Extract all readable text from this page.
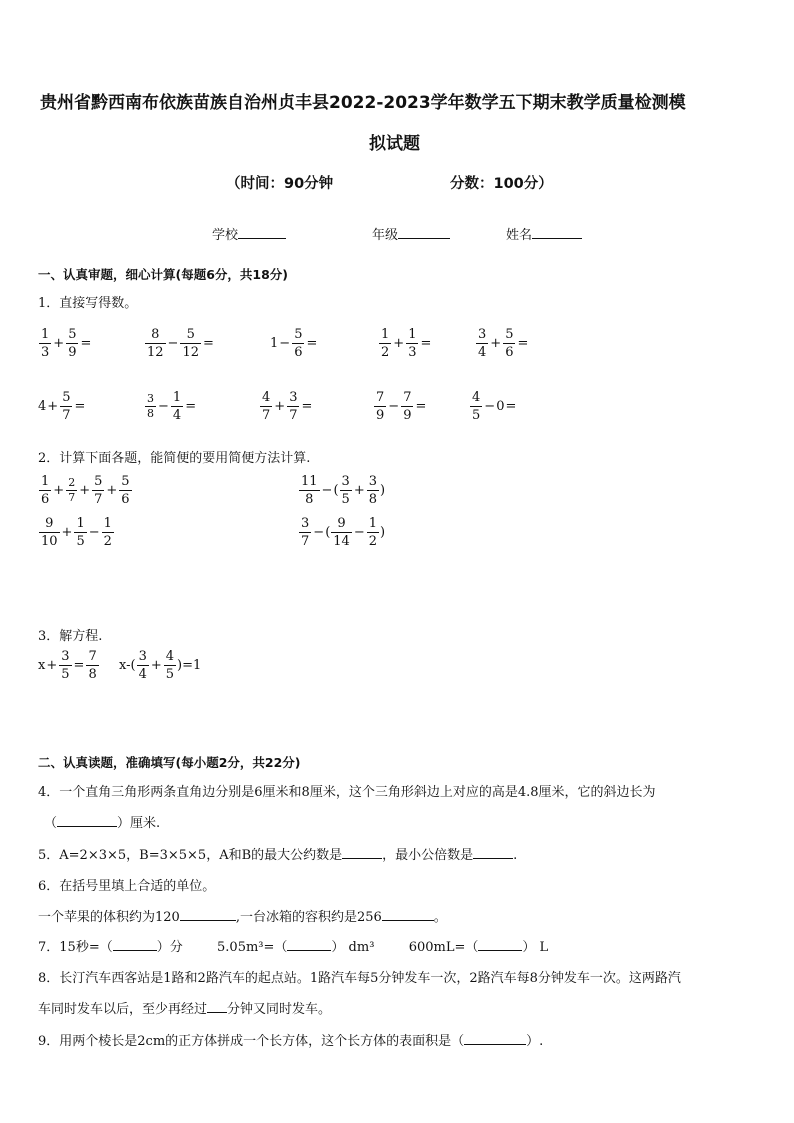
贵州省黔西南布依族苗族自治州贞丰县2022-2023学年数学五下期末教学质量检测模
拟试题
（时间：90分钟	分数：100分）
学校	年级	姓名
一、认真审题，细心计算(每题6分，共18分)
1．直接写得数。
$\frac{1}{3} + \frac{5}{9}$ =	$\frac{8}{12} - \frac{5}{12}$ =	$1 - \frac{5}{6}$ =	$\frac{1}{2} + \frac{1}{3}$ =	$\frac{3}{4} + \frac{5}{6}$ =
$4 + \frac{5}{7}$ =	$\frac{3}{8} - \frac{1}{4}$ =	$\frac{4}{7} + \frac{3}{7}$ =	$\frac{7}{9} - \frac{7}{9}$ =	$\frac{4}{5} - 0$ =
2．计算下面各题，能简便的要用简便方法计算.
$\frac{1}{6} + \frac{2}{7} + \frac{5}{7} + \frac{5}{6}$	$\frac{11}{8}$ − ( $\frac{3}{5} + \frac{3}{8}$ )
$\frac{9}{10} + \frac{1}{5} - \frac{1}{2}$	$\frac{3}{7}$ − ( $\frac{9}{14} - \frac{1}{2}$ )
3．解方程.
$x + \frac{3}{5} = \frac{7}{8} x-$ ( $\frac{3}{4} + \frac{4}{5} )=1$
二、认真读题，准确填写(每小题2分，共22分)
4．一个直角三角形两条直角边分别是6厘米和8厘米，这个三角形斜边上对应的高是4.8厘米，它的斜边长为
（	）厘米.
5．A=2×3×5，B=3×5×5，A和B的最大公约数是	，最小公倍数是	.
6．在括号里填上合适的单位。
一个苹果的体积约为120	,一台冰箱的容积约是256	。
7．15秒=（	）分	5.05m³=（	） dm³	600mL=（	） L
8．长汀汽车西客站是1路和2路汽车的起点站。1路汽车每5分钟发车一次，2路汽车每8分钟发车一次。这两路汽
车同时发车以后，至少再经过 分钟又同时发车。
9．用两个棱长是2cm的正方体拼成一个长方体，这个长方体的表面积是（	）.
